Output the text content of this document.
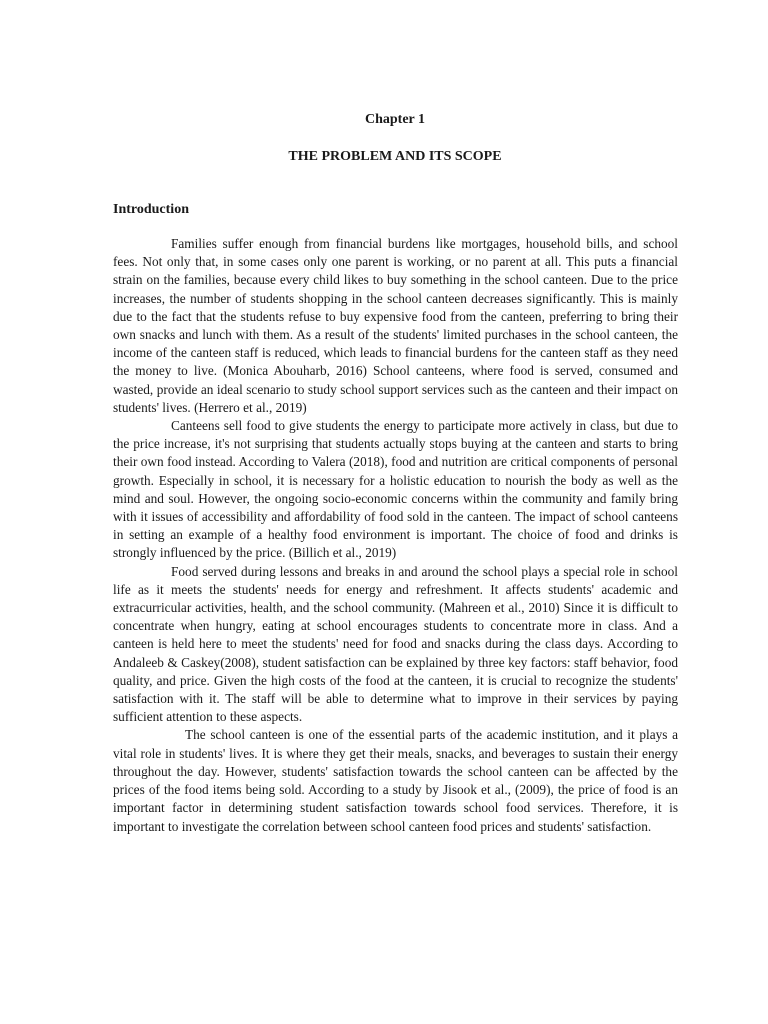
Chapter 1
THE PROBLEM AND ITS SCOPE
Introduction

Families suffer enough from financial burdens like mortgages, household bills, and school fees. Not only that, in some cases only one parent is working, or no parent at all. This puts a financial strain on the families, because every child likes to buy something in the school canteen. Due to the price increases, the number of students shopping in the school canteen decreases significantly. This is mainly due to the fact that the students refuse to buy expensive food from the canteen, preferring to bring their own snacks and lunch with them. As a result of the students' limited purchases in the school canteen, the income of the canteen staff is reduced, which leads to financial burdens for the canteen staff as they need the money to live. (Monica Abouharb, 2016) School canteens, where food is served, consumed and wasted, provide an ideal scenario to study school support services such as the canteen and their impact on students' lives. (Herrero et al., 2019)

Canteens sell food to give students the energy to participate more actively in class, but due to the price increase, it's not surprising that students actually stops buying at the canteen and starts to bring their own food instead. According to Valera (2018), food and nutrition are critical components of personal growth. Especially in school, it is necessary for a holistic education to nourish the body as well as the mind and soul. However, the ongoing socio-economic concerns within the community and family bring with it issues of accessibility and affordability of food sold in the canteen. The impact of school canteens in setting an example of a healthy food environment is important. The choice of food and drinks is strongly influenced by the price. (Billich et al., 2019)

Food served during lessons and breaks in and around the school plays a special role in school life as it meets the students' needs for energy and refreshment. It affects students' academic and extracurricular activities, health, and the school community. (Mahreen et al., 2010) Since it is difficult to concentrate when hungry, eating at school encourages students to concentrate more in class. And a canteen is held here to meet the students' need for food and snacks during the class days. According to Andaleeb & Caskey(2008), student satisfaction can be explained by three key factors: staff behavior, food quality, and price. Given the high costs of the food at the canteen, it is crucial to recognize the students' satisfaction with it. The staff will be able to determine what to improve in their services by paying sufficient attention to these aspects.

The school canteen is one of the essential parts of the academic institution, and it plays a vital role in students' lives. It is where they get their meals, snacks, and beverages to sustain their energy throughout the day. However, students' satisfaction towards the school canteen can be affected by the prices of the food items being sold. According to a study by Jisook et al., (2009), the price of food is an important factor in determining student satisfaction towards school food services. Therefore, it is important to investigate the correlation between school canteen food prices and students' satisfaction.
